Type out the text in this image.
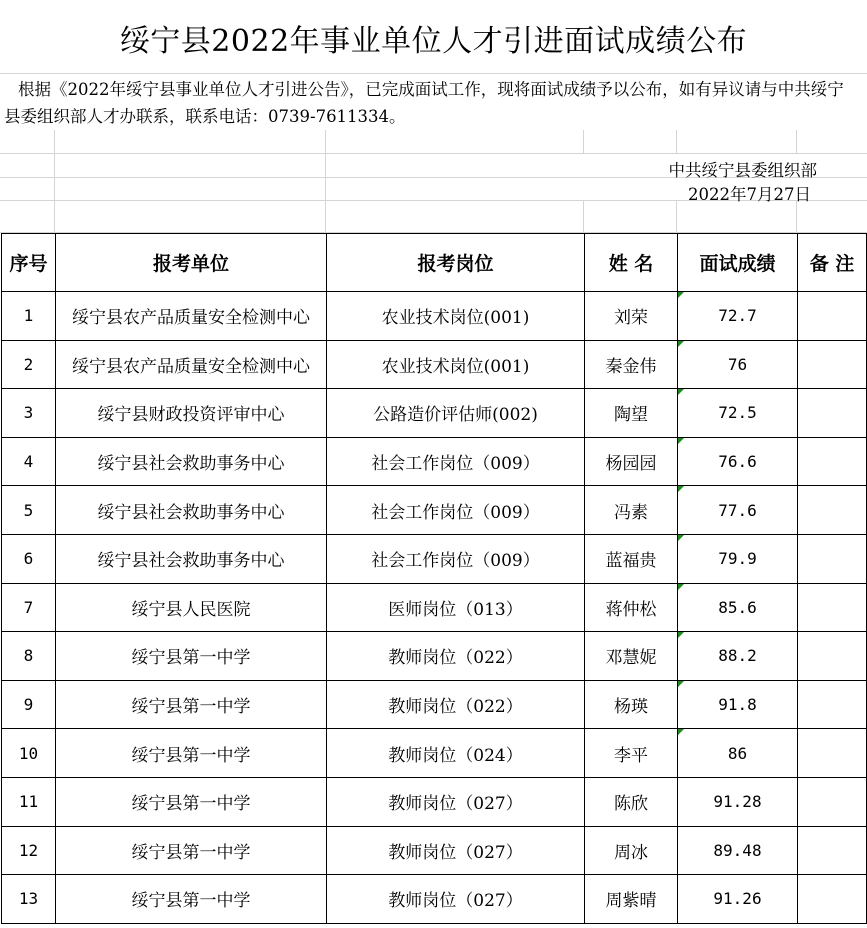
绥宁县2022年事业单位人才引进面试成绩公布
根据《2022年绥宁县事业单位人才引进公告》，已完成面试工作，现将面试成绩予以公布，如有异议请与中共绥宁县委组织部人才办联系，联系电话：0739-7611334。
中共绥宁县委组织部
2022年7月27日
序号	报考单位	报考岗位	姓 名	面试成绩	备 注
1	绥宁县农产品质量安全检测中心	农业技术岗位(001)	刘荣	72.7

2	绥宁县农产品质量安全检测中心	农业技术岗位(001)	秦金伟	76

3	绥宁县财政投资评审中心	公路造价评估师(002)	陶望	72.5

4	绥宁县社会救助事务中心	社会工作岗位（009）	杨园园	76.6

5	绥宁县社会救助事务中心	社会工作岗位（009）	冯素	77.6

6	绥宁县社会救助事务中心	社会工作岗位（009）	蓝福贵	79.9

7	绥宁县人民医院	医师岗位（013）	蒋仲松	85.6

8	绥宁县第一中学	教师岗位（022）	邓慧妮	88.2

9	绥宁县第一中学	教师岗位（022）	杨瑛	91.8

10	绥宁县第一中学	教师岗位（024）	李平	86

11	绥宁县第一中学	教师岗位（027）	陈欣	91.28	
12	绥宁县第一中学	教师岗位（027）	周冰	89.48	
13	绥宁县第一中学	教师岗位（027）	周紫晴	91.26	
